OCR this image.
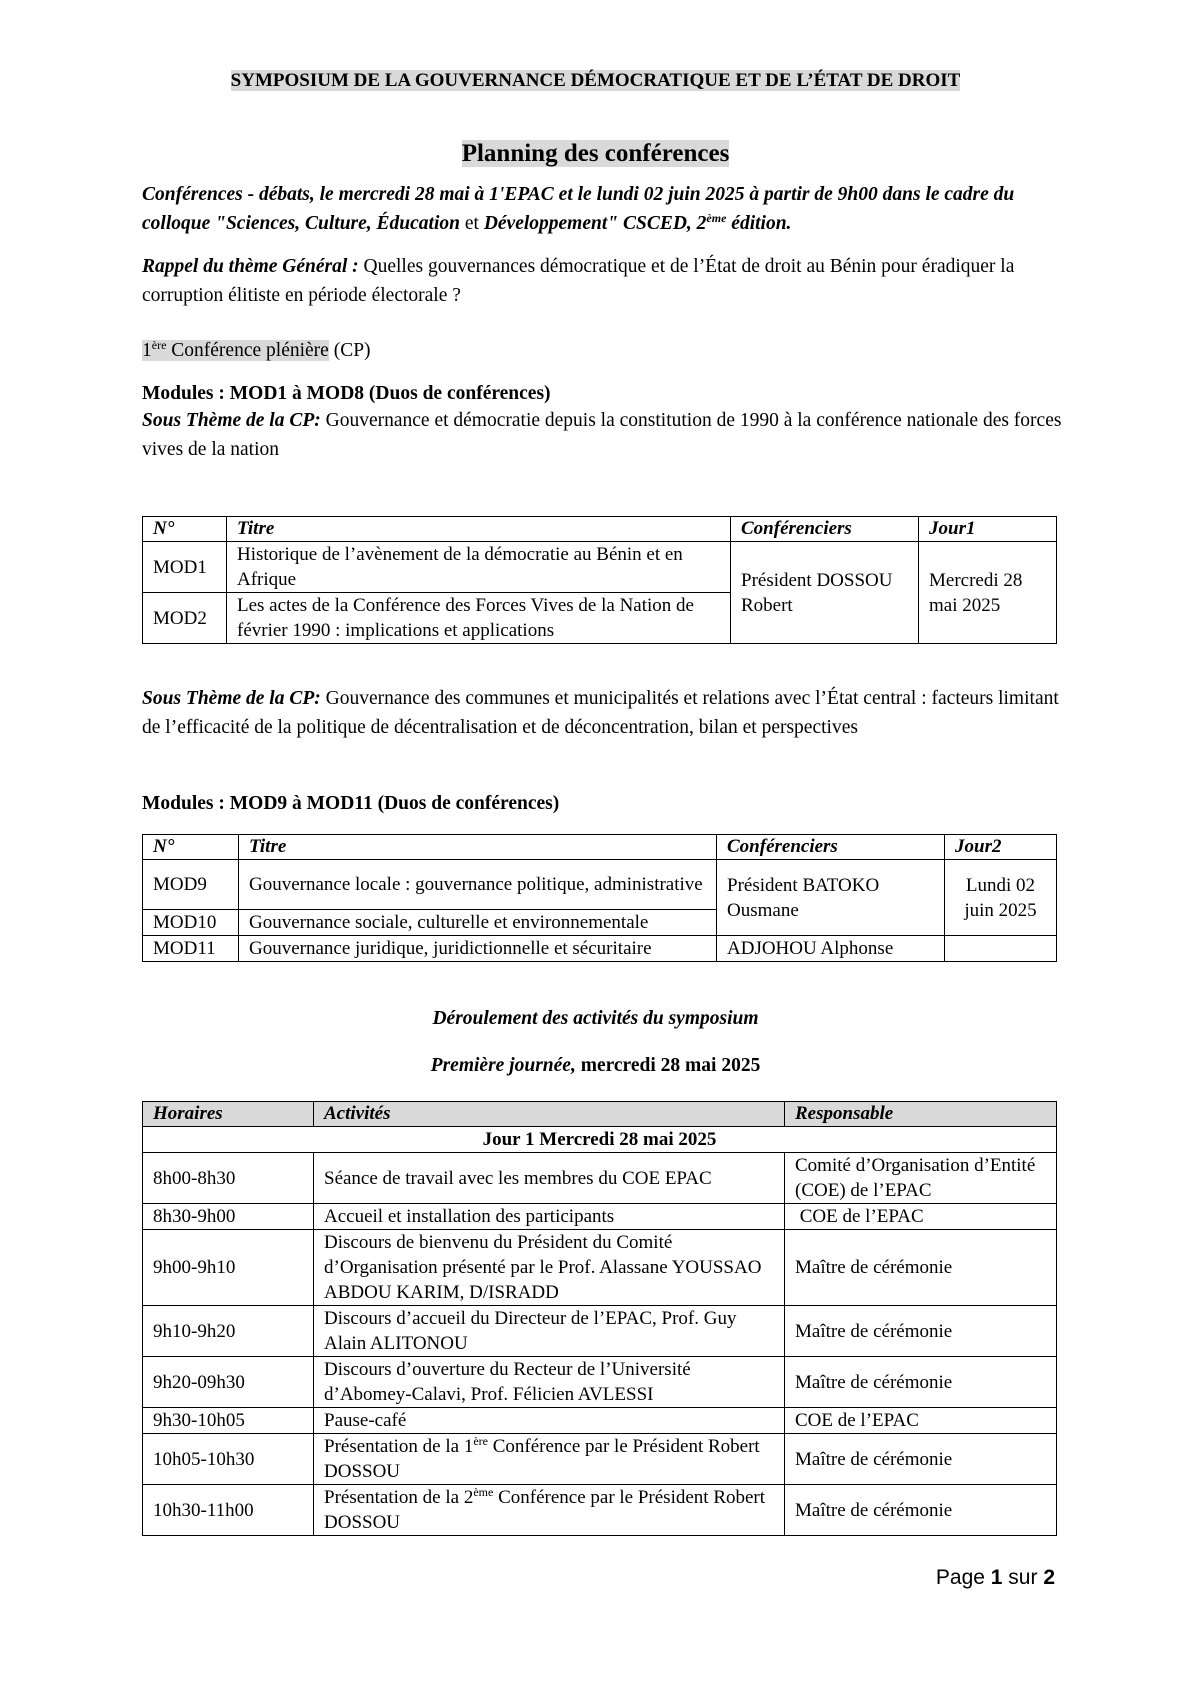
SYMPOSIUM DE LA GOUVERNANCE DÉMOCRATIQUE ET DE L’ÉTAT DE DROIT
Planning des conférences
Conférences - débats, le mercredi 28 mai à 1'EPAC et le lundi 02 juin 2025 à partir de 9h00 dans le cadre du colloque "Sciences, Culture, Éducation et Développement" CSCED, 2ème édition.
Rappel du thème Général : Quelles gouvernances démocratique et de l’État de droit au Bénin pour éradiquer la corruption élitiste en période électorale ?
1ère Conférence plénière (CP)
Modules : MOD1 à MOD8 (Duos de conférences)
Sous Thème de la CP: Gouvernance et démocratie depuis la constitution de 1990 à la conférence nationale des forces vives de la nation
N°	Titre	Conférenciers	Jour1
MOD1	Historique de l’avènement de la démocratie au Bénin et en Afrique	Président DOSSOU Robert	Mercredi 28 mai 2025
MOD2	Les actes de la Conférence des Forces Vives de la Nation de février 1990 : implications et applications		
Sous Thème de la CP: Gouvernance des communes et municipalités et relations avec l’État central : facteurs limitant de l’efficacité de la politique de décentralisation et de déconcentration, bilan et perspectives
Modules : MOD9 à MOD11 (Duos de conférences)
N°	Titre	Conférenciers	Jour2
MOD9	Gouvernance locale : gouvernance politique, administrative	Président BATOKO Ousmane	Lundi 02 juin 2025
MOD10	Gouvernance sociale, culturelle et environnementale		
MOD11	Gouvernance juridique, juridictionnelle et sécuritaire	ADJOHOU Alphonse	
Déroulement des activités du symposium
Première journée, mercredi 28 mai 2025
Horaires	Activités	Responsable
Jour 1 Mercredi 28 mai 2025		
8h00-8h30	Séance de travail avec les membres du COE EPAC	Comité d’Organisation d’Entité (COE) de l’EPAC
8h30-9h00	Accueil et installation des participants	COE de l’EPAC
9h00-9h10	Discours de bienvenu du Président du Comité d’Organisation présenté par le Prof. Alassane YOUSSAO ABDOU KARIM, D/ISRADD	Maître de cérémonie
9h10-9h20	Discours d’accueil du Directeur de l’EPAC, Prof. Guy Alain ALITONOU	Maître de cérémonie
9h20-09h30	Discours d’ouverture du Recteur de l’Université d’Abomey-Calavi, Prof. Félicien AVLESSI	Maître de cérémonie
9h30-10h05	Pause-café	COE de l’EPAC
10h05-10h30	Présentation de la 1ère Conférence par le Président Robert DOSSOU	Maître de cérémonie
10h30-11h00	Présentation de la 2ème Conférence par le Président Robert DOSSOU	Maître de cérémonie
Page 1 sur 2
